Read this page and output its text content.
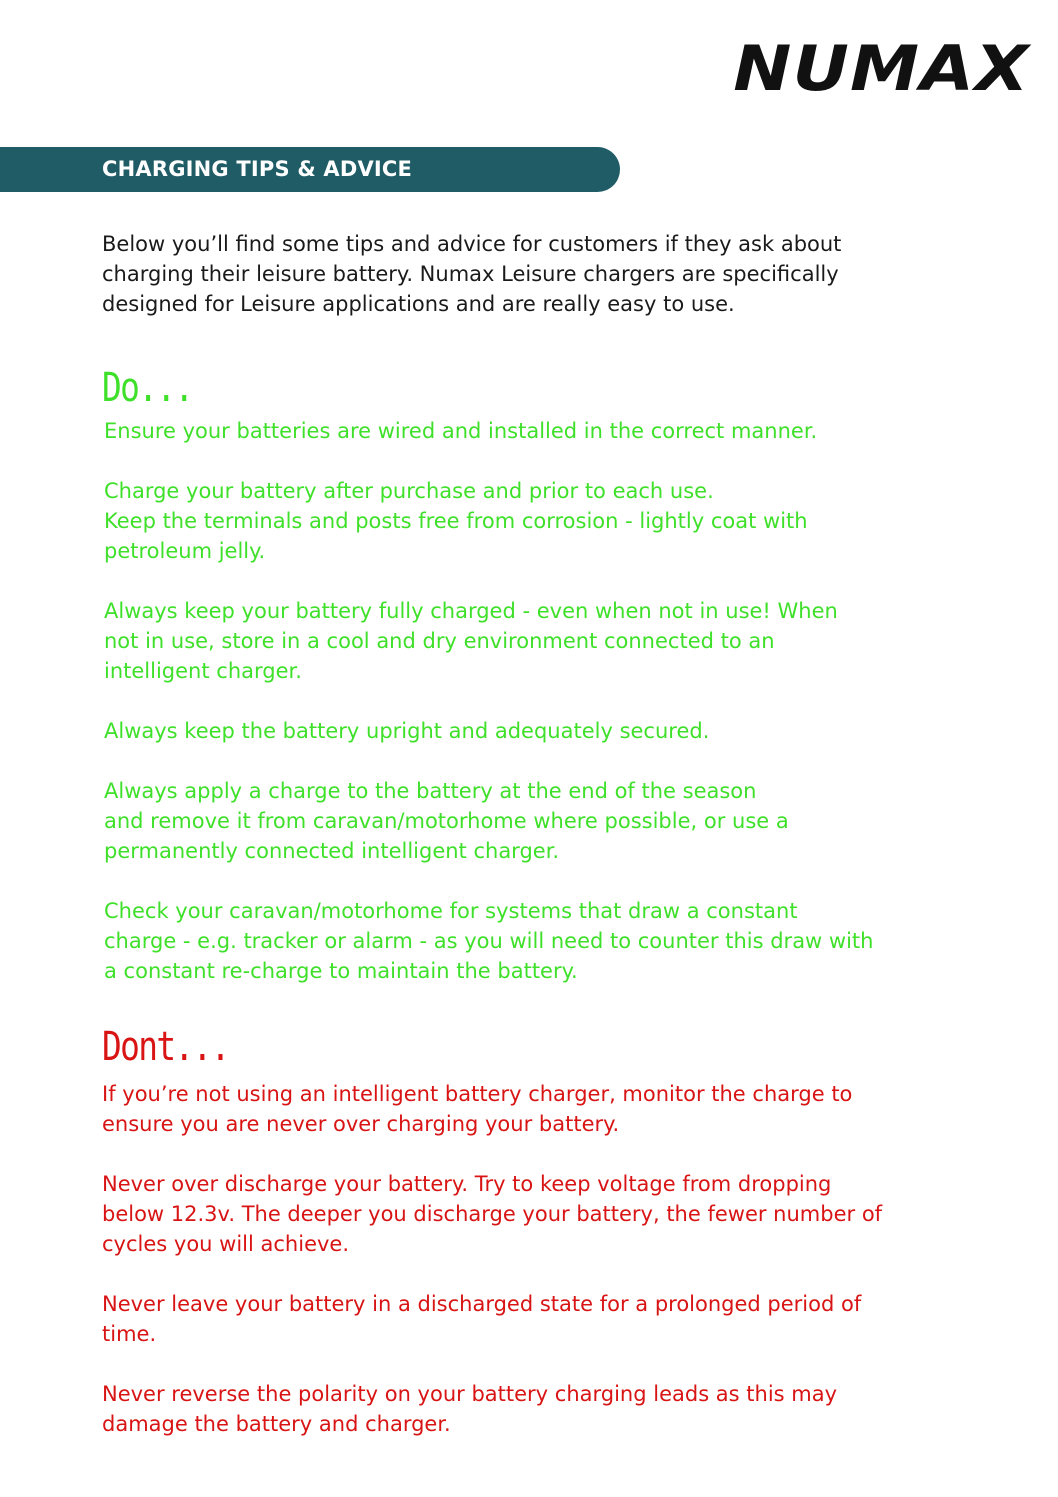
NUMAX
CHARGING TIPS & ADVICE

Below you’ll find some tips and advice for customers if they ask about
charging their leisure battery. Numax Leisure chargers are specifically
designed for Leisure applications and are really easy to use.

Do...
Ensure your batteries are wired and installed in the correct manner.
Charge your battery after purchase and prior to each use.
Keep the terminals and posts free from corrosion - lightly coat with
petroleum jelly.
Always keep your battery fully charged - even when not in use! When
not in use, store in a cool and dry environment connected to an
intelligent charger.
Always keep the battery upright and adequately secured.
Always apply a charge to the battery at the end of the season
and remove it from caravan/motorhome where possible, or use a
permanently connected intelligent charger.
Check your caravan/motorhome for systems that draw a constant
charge - e.g. tracker or alarm - as you will need to counter this draw with
a constant re-charge to maintain the battery.
Dont...
If you’re not using an intelligent battery charger, monitor the charge to
ensure you are never over charging your battery.
Never over discharge your battery. Try to keep voltage from dropping
below 12.3v. The deeper you discharge your battery, the fewer number of
cycles you will achieve.
Never leave your battery in a discharged state for a prolonged period of
time.
Never reverse the polarity on your battery charging leads as this may
damage the battery and charger.
